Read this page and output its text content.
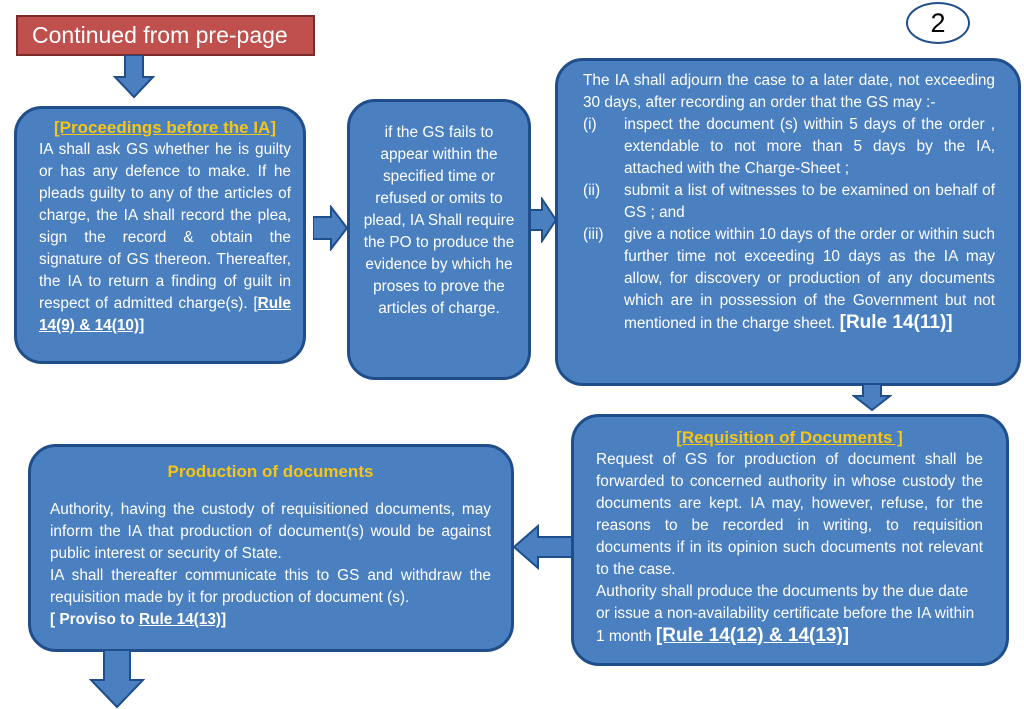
Continued from pre-page	2
[Proceedings before the IA]

IA shall ask GS whether he is guilty or has any defence to make. If he pleads guilty to any of the articles of charge, the IA shall record the plea, sign the record & obtain the signature of GS thereon. Thereafter, the IA to return a finding of guilt in respect of admitted charge(s). [Rule 14(9) & 14(10)]

if the GS fails to appear within the specified time or refused or omits to plead, IA Shall require the PO to produce the evidence by which he proses to prove the articles of charge.

The IA shall adjourn the case to a later date, not exceeding 30 days, after recording an order that the GS may :-

(i)	inspect the document (s) within 5 days of the order , extendable to not more than 5 days by the IA, attached with the Charge-Sheet ;
(ii)	submit a list of witnesses to be examined on behalf of GS ; and
(iii)	give a notice within 10 days of the order or within such further time not exceeding 10 days as the IA may allow, for discovery or production of any documents which are in possession of the Government but not mentioned in the charge sheet. [Rule 14(11)]
[Requisition of Documents ]

Request of GS for production of document shall be forwarded to concerned authority in whose custody the documents are kept. IA may, however, refuse, for the reasons to be recorded in writing, to requisition documents if in its opinion such documents not relevant to the case.

Authority shall produce the documents by the due date or issue a non-availability certificate before the IA within 1 month [Rule 14(12) & 14(13)]

Production of documents

Authority, having the custody of requisitioned documents, may inform the IA that production of document(s) would be against public interest or security of State.

IA shall thereafter communicate this to GS and withdraw the requisition made by it for production of document (s).

[ Proviso to Rule 14(13)]
